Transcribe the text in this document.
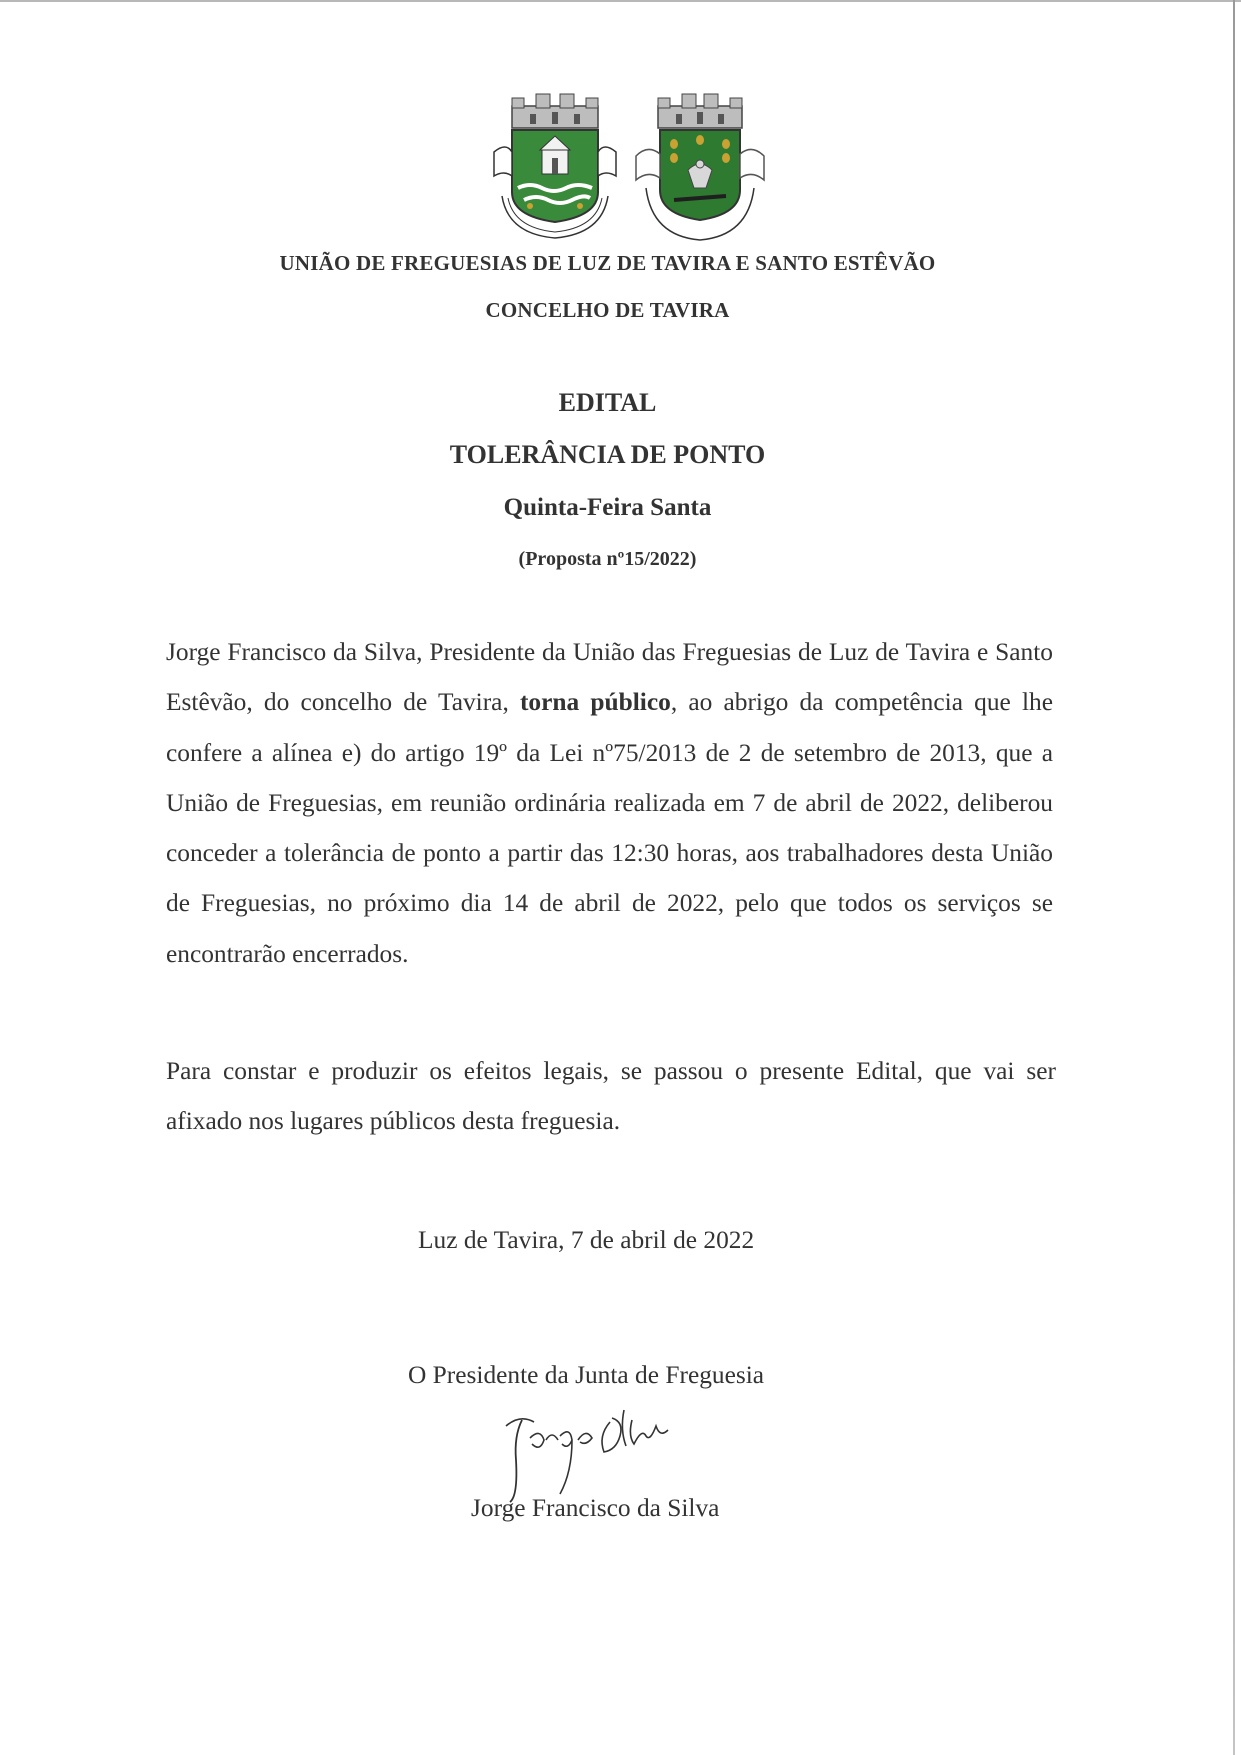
UNIÃO DE FREGUESIAS DE LUZ DE TAVIRA E SANTO ESTÊVÃO
CONCELHO DE TAVIRA
EDITAL
TOLERÂNCIA DE PONTO
Quinta-Feira Santa
(Proposta nº15/2022)
Jorge Francisco da Silva, Presidente da União das Freguesias de Luz de Tavira e Santo Estêvão, do concelho de Tavira, torna público, ao abrigo da competência que lhe confere a alínea e) do artigo 19º da Lei nº75/2013 de 2 de setembro de 2013, que a União de Freguesias, em reunião ordinária realizada em 7 de abril de 2022, deliberou conceder a tolerância de ponto a partir das 12:30 horas, aos trabalhadores desta União de Freguesias, no próximo dia 14 de abril de 2022, pelo que todos os serviços se encontrarão encerrados.
Para constar e produzir os efeitos legais, se passou o presente Edital, que vai ser afixado nos lugares públicos desta freguesia.
Luz de Tavira, 7 de abril de 2022
O Presidente da Junta de Freguesia
Jorge Francisco da Silva
